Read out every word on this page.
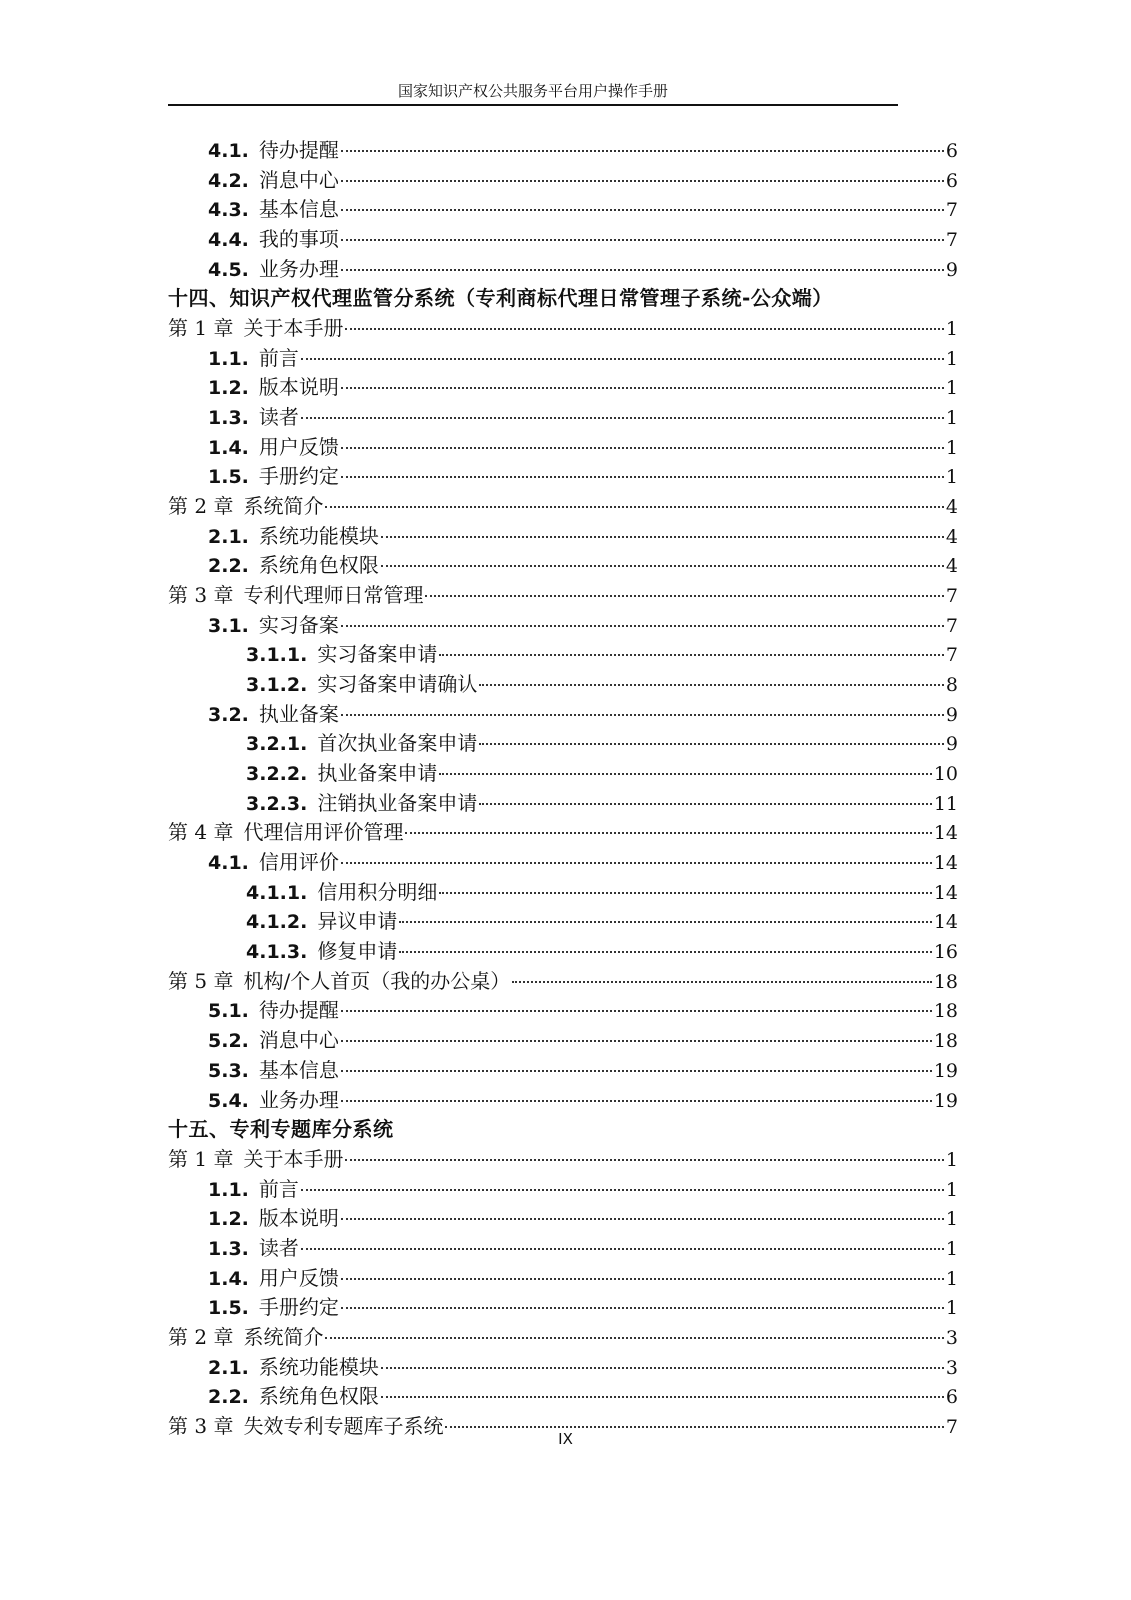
国家知识产权公共服务平台用户操作手册
4.1. 待办提醒	6
4.2. 消息中心	6
4.3. 基本信息	7
4.4. 我的事项	7
4.5. 业务办理	9
十四、知识产权代理监管分系统（专利商标代理日常管理子系统-公众端）
第 1 章 关于本手册	1
1.1. 前言	1
1.2. 版本说明	1
1.3. 读者	1
1.4. 用户反馈	1
1.5. 手册约定	1
第 2 章 系统简介	4
2.1. 系统功能模块	4
2.2. 系统角色权限	4
第 3 章 专利代理师日常管理	7
3.1. 实习备案	7
3.1.1. 实习备案申请	7
3.1.2. 实习备案申请确认	8
3.2. 执业备案	9
3.2.1. 首次执业备案申请	9
3.2.2. 执业备案申请	10
3.2.3. 注销执业备案申请	11
第 4 章 代理信用评价管理	14
4.1. 信用评价	14
4.1.1. 信用积分明细	14
4.1.2. 异议申请	14
4.1.3. 修复申请	16
第 5 章 机构/个人首页（我的办公桌）	18
5.1. 待办提醒	18
5.2. 消息中心	18
5.3. 基本信息	19
5.4. 业务办理	19
十五、专利专题库分系统
第 1 章 关于本手册	1
1.1. 前言	1
1.2. 版本说明	1
1.3. 读者	1
1.4. 用户反馈	1
1.5. 手册约定	1
第 2 章 系统简介	3
2.1. 系统功能模块	3
2.2. 系统角色权限	6
第 3 章 失效专利专题库子系统	7
IX
